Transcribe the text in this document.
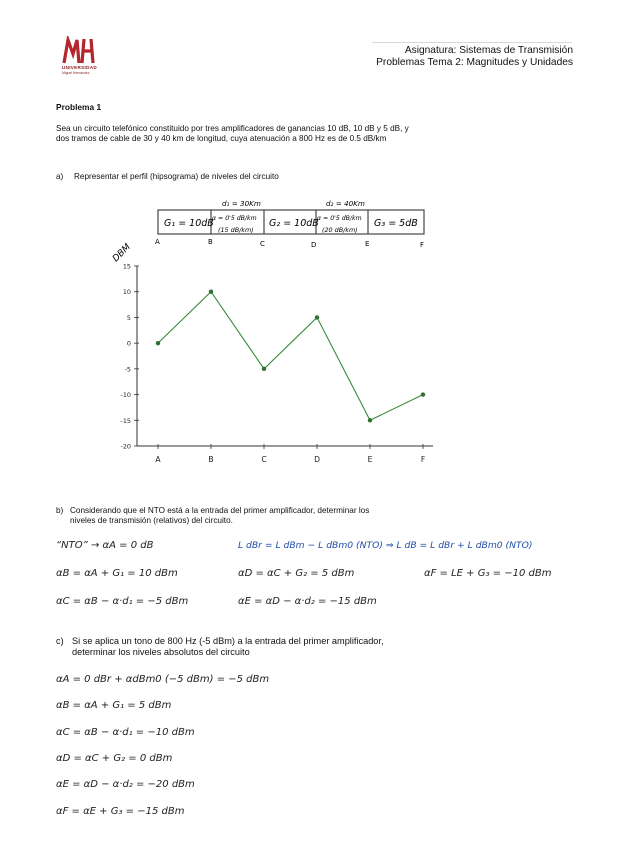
UNIVERSIDAD
Miguel Hernández
Asignatura: Sistemas de Transmisión
Problemas Tema 2: Magnitudes y Unidades
Problema 1
Sea un circuito telefónico constituido por tres amplificadores de ganancias 10 dB, 10 dB y 5 dB, y dos tramos de cable de 30 y 40 km de longitud, cuya atenuación a 800 Hz es de 0.5 dB/km
a) Representar el perfil (hipsograma) de niveles del circuito
G₁ = 10dB	G₂ = 10dB	G₃ = 5dB
d₁ = 30Km	d₂ = 40Km
α = 0'5 dB/km	α = 0'5 dB/km
(15 dB/km)	(20 dB/km)
A	B	C	D	E	F
DBM
15
10
5
0
-5
-10
-15
-20
A	B	C	D	E	F
b) Considerando que el NTO está a la entrada del primer amplificador, determinar los
niveles de transmisión (relativos) del circuito.
“NTO” → αA = 0 dB	L dBr = L dBm − L dBm0 (NTO) ⇒ L dB = L dBr + L dBm0 (NTO)
αB = αA + G₁ = 10 dBm	αD = αC + G₂ = 5 dBm	αF = LE + G₃ = −10 dBm
αC = αB − α·d₁ = −5 dBm	αE = αD − α·d₂ = −15 dBm
c) Si se aplica un tono de 800 Hz (-5 dBm) a la entrada del primer amplificador,
determinar los niveles absolutos del circuito
αA = 0 dBr + αdBm0 (−5 dBm) = −5 dBm
αB = αA + G₁ = 5 dBm
αC = αB − α·d₁ = −10 dBm
αD = αC + G₂ = 0 dBm
αE = αD − α·d₂ = −20 dBm
αF = αE + G₃ = −15 dBm
